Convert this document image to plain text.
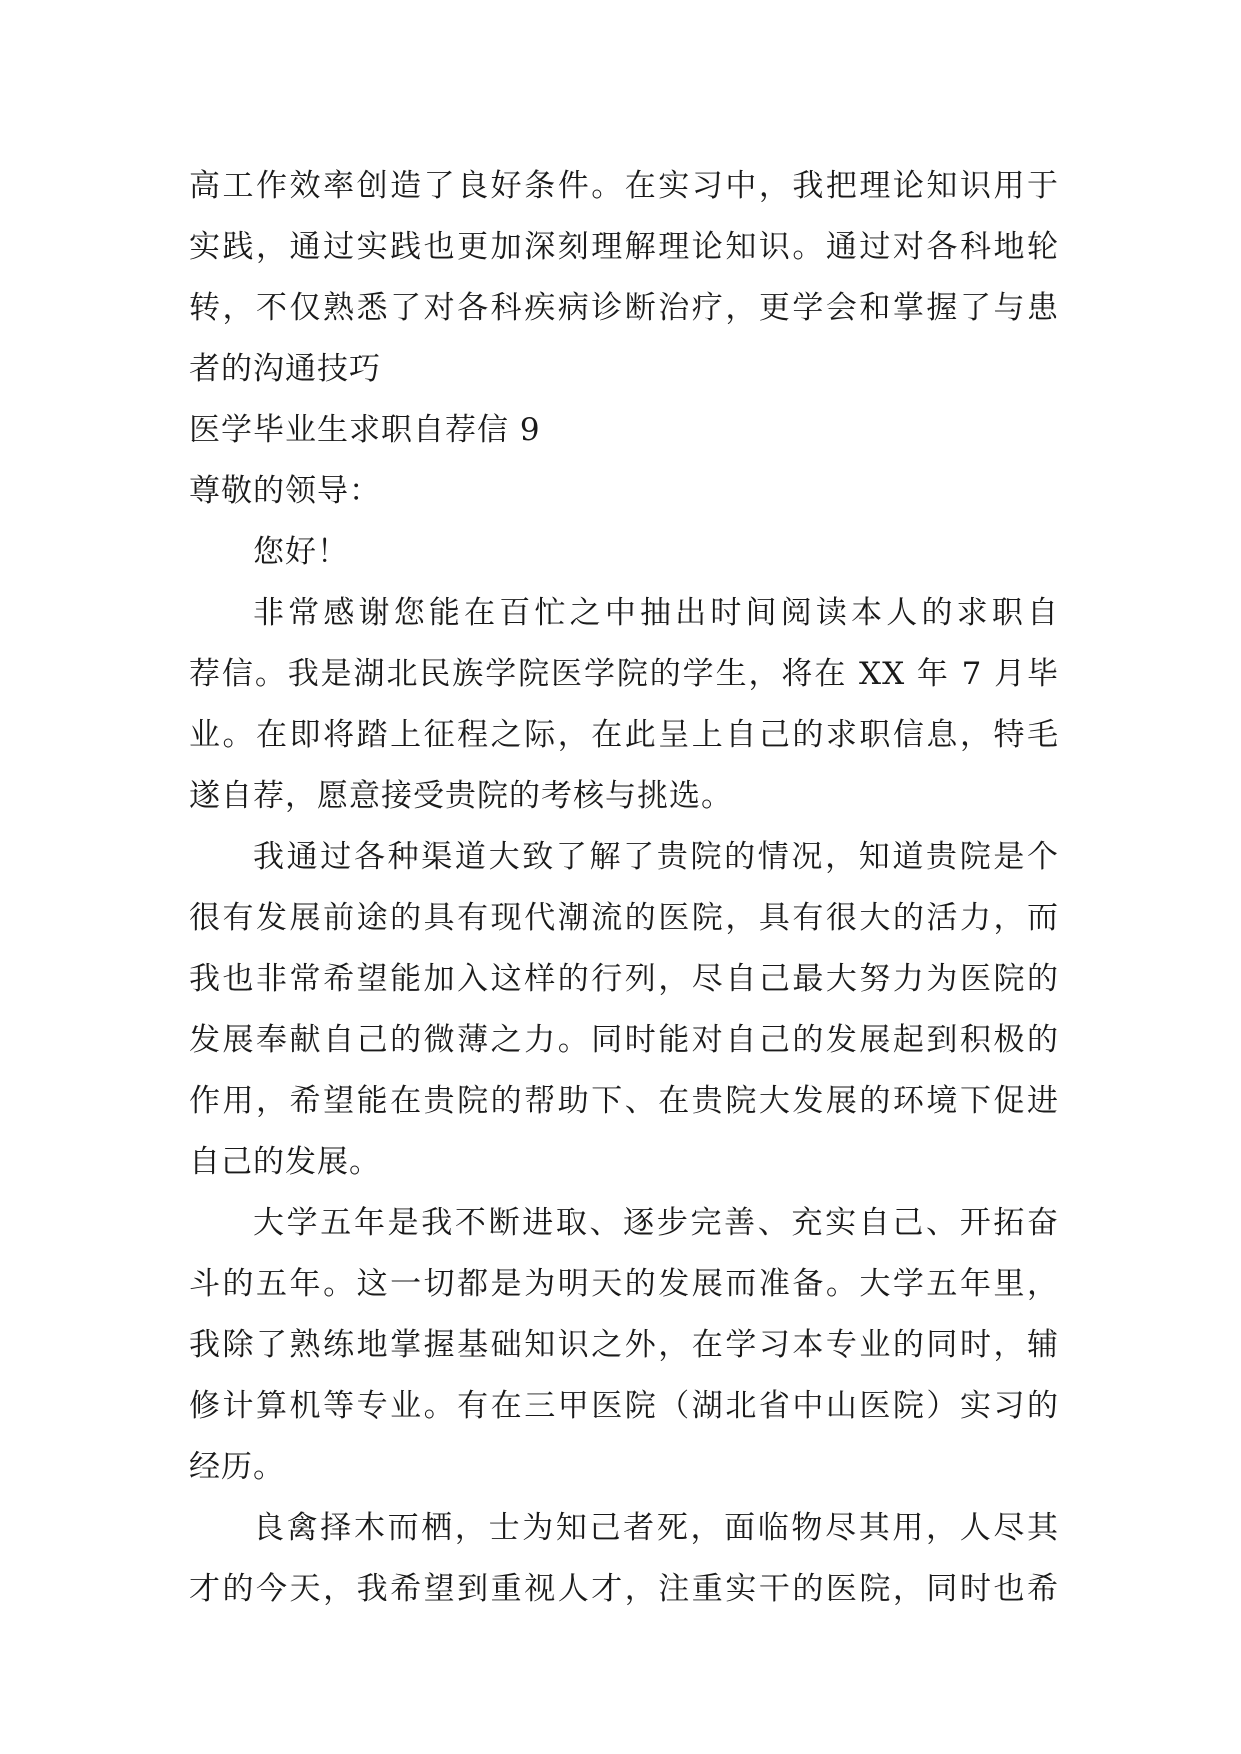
高工作效率创造了良好条件。在实习中，我把理论知识用于
实践，通过实践也更加深刻理解理论知识。通过对各科地轮
转，不仅熟悉了对各科疾病诊断治疗，更学会和掌握了与患
者的沟通技巧
医学毕业生求职自荐信 9
尊敬的领导：
您好！
非常感谢您能在百忙之中抽出时间阅读本人的求职自
荐信。我是湖北民族学院医学院的学生，将在 XX 年 7 月毕
业。在即将踏上征程之际，在此呈上自己的求职信息，特毛
遂自荐，愿意接受贵院的考核与挑选。
我通过各种渠道大致了解了贵院的情况，知道贵院是个
很有发展前途的具有现代潮流的医院，具有很大的活力，而
我也非常希望能加入这样的行列，尽自己最大努力为医院的
发展奉献自己的微薄之力。同时能对自己的发展起到积极的
作用，希望能在贵院的帮助下、在贵院大发展的环境下促进
自己的发展。
大学五年是我不断进取、逐步完善、充实自己、开拓奋
斗的五年。这一切都是为明天的发展而准备。大学五年里，
我除了熟练地掌握基础知识之外，在学习本专业的同时，辅
修计算机等专业。有在三甲医院（湖北省中山医院）实习的
经历。
良禽择木而栖，士为知己者死，面临物尽其用，人尽其
才的今天，我希望到重视人才，注重实干的医院，同时也希
